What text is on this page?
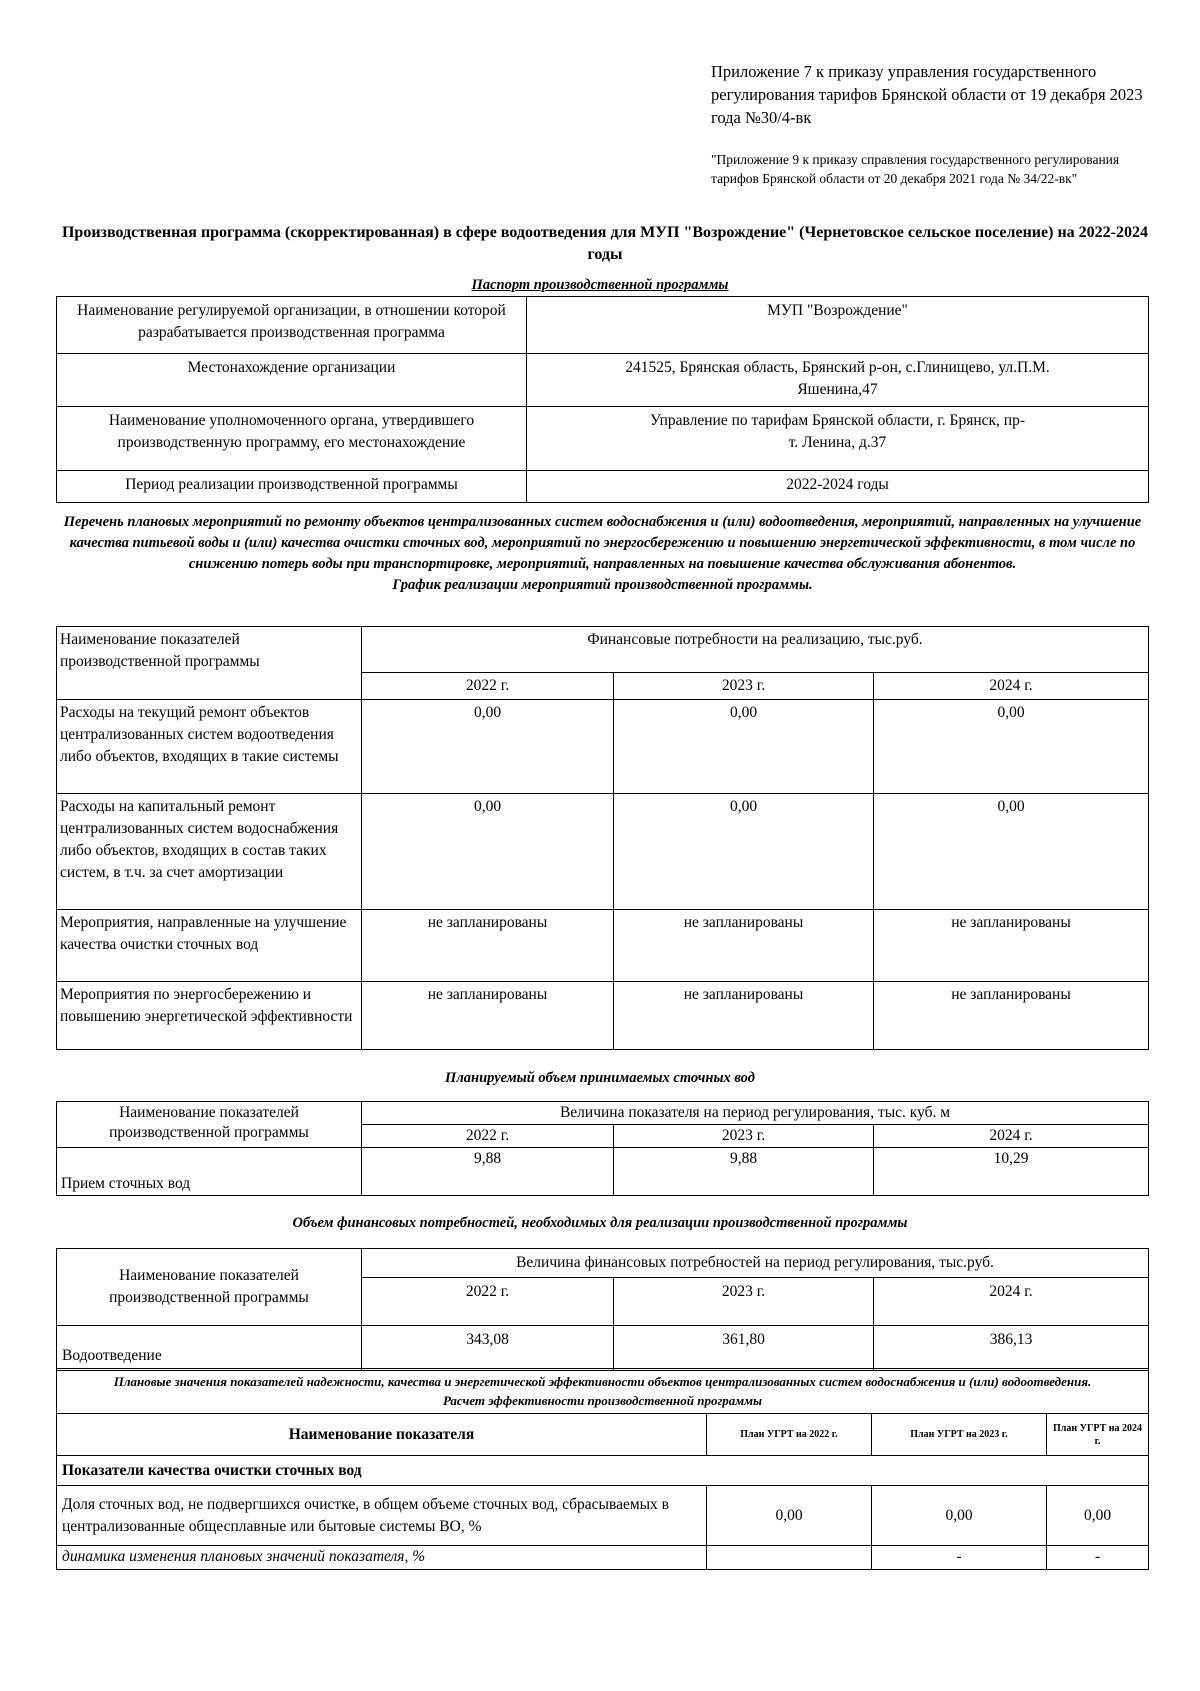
Приложение 7 к приказу управления государственного регулирования тарифов Брянской области от 19 декабря 2023 года №30/4-вк
"Приложение 9 к приказу справления государственного регулирования тарифов Брянской области от 20 декабря 2021 года № 34/22-вк"
Производственная программа (скорректированная) в сфере водоотведения для МУП "Возрождение" (Чернетовское сельское поселение) на 2022-2024 годы
Паспорт производственной программы
Наименование регулируемой организации, в отношении которой разрабатывается производственная программа	МУП "Возрождение"
Местонахождение организации	241525, Брянская область, Брянский р-он, с.Глинищево, ул.П.М. Яшенина,47
Наименование уполномоченного органа, утвердившего производственную программу, его местонахождение	Управление по тарифам Брянской области, г. Брянск, пр-т. Ленина, д.37
Период реализации производственной программы	2022-2024 годы
Перечень плановых мероприятий по ремонту объектов централизованных систем водоснабжения и (или) водоотведения, мероприятий, направленных на улучшение качества питьевой воды и (или) качества очистки сточных вод, мероприятий по энергосбережению и повышению энергетической эффективности, в том числе по снижению потерь воды при транспортировке, мероприятий, направленных на повышение качества обслуживания абонентов.
График реализации мероприятий производственной программы.
Наименование показателей производственной программы	Финансовые потребности на реализацию, тыс.руб.		
	2022 г.	2023 г.	2024 г.
Расходы на текущий ремонт объектов централизованных систем водоотведения либо объектов, входящих в такие системы	0,00	0,00	0,00
Расходы на капитальный ремонт централизованных систем водоснабжения либо объектов, входящих в состав таких систем, в т.ч. за счет амортизации	0,00	0,00	0,00
Мероприятия, направленные на улучшение качества очистки сточных вод	не запланированы	не запланированы	не запланированы
Мероприятия по энергосбережению и повышению энергетической эффективности	не запланированы	не запланированы	не запланированы
Планируемый объем принимаемых сточных вод
Наименование показателей производственной программы	Величина показателя на период регулирования, тыс. куб. м		
	2022 г.	2023 г.	2024 г.
Прием сточных вод	9,88	9,88	10,29
Объем финансовых потребностей, необходимых для реализации производственной программы
Наименование показателей производственной программы	Величина финансовых потребностей на период регулирования, тыс.руб.		
	2022 г.	2023 г.	2024 г.
Водоотведение	343,08	361,80	386,13
Плановые значения показателей надежности, качества и энергетической эффективности объектов централизованных систем водоснабжения и (или) водоотведения.
Расчет эффективности производственной программы			
Наименование показателя	План УГРТ на 2022 г.	План УГРТ на 2023 г.	План УГРТ на 2024 г.
Показатели качества очистки сточных вод			
Доля сточных вод, не подвергшихся очистке, в общем объеме сточных вод, сбрасываемых в централизованные общесплавные или бытовые системы ВО, %	0,00	0,00	0,00
динамика изменения плановых значений показателя, %		-	-
